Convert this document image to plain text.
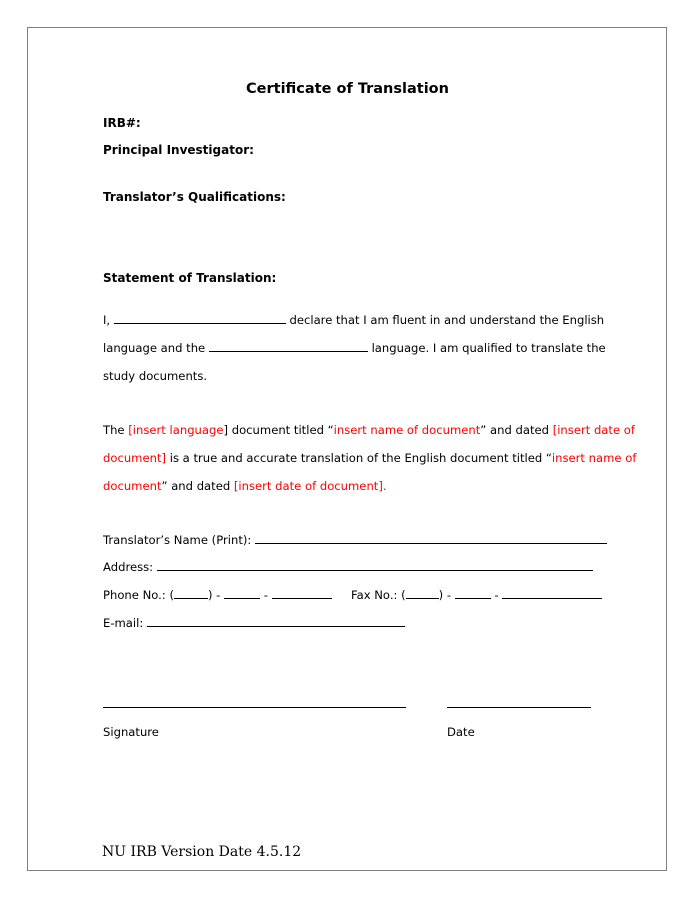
Certificate of Translation
IRB#:
Principal Investigator:
Translator’s Qualifications:
Statement of Translation:
I,	declare that I am fluent in and understand the English
language and the	language. I am qualified to translate the
study documents.
The [insert language] document titled “insert name of document” and dated [insert date of
document] is a true and accurate translation of the English document titled “insert name of
document” and dated [insert date of document].
Translator’s Name (Print):
Address:
Phone No.: (	) -	-	Fax No.: (	) -	-
E-mail:
Signature	Date
NU IRB Version Date 4.5.12
